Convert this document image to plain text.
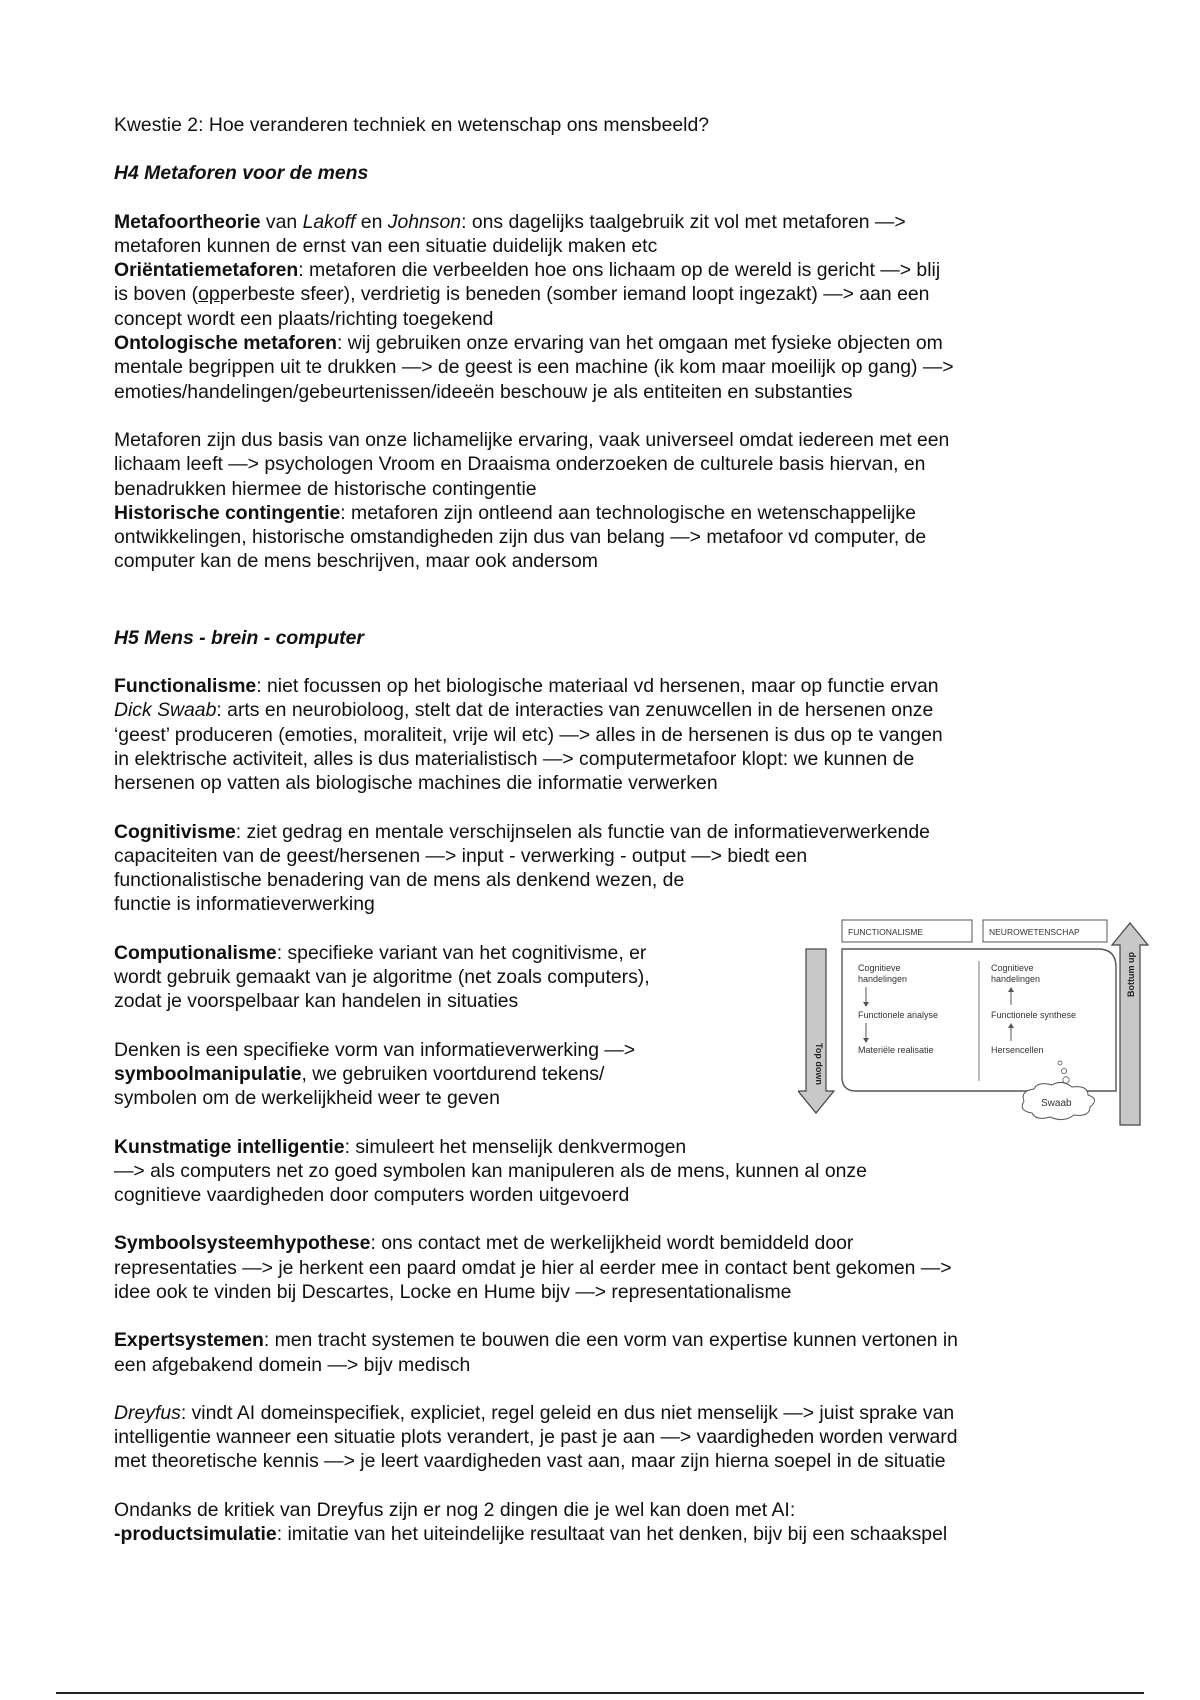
Kwestie 2: Hoe veranderen techniek en wetenschap ons mensbeeld?
H4 Metaforen voor de mens
Metafoortheorie van Lakoff en Johnson: ons dagelijks taalgebruik zit vol met metaforen —>
metaforen kunnen de ernst van een situatie duidelijk maken etc
Oriëntatiemetaforen: metaforen die verbeelden hoe ons lichaam op de wereld is gericht —> blij
is boven (opperbeste sfeer), verdrietig is beneden (somber iemand loopt ingezakt) —> aan een
concept wordt een plaats/richting toegekend
Ontologische metaforen: wij gebruiken onze ervaring van het omgaan met fysieke objecten om
mentale begrippen uit te drukken —> de geest is een machine (ik kom maar moeilijk op gang) —>
emoties/handelingen/gebeurtenissen/ideeën beschouw je als entiteiten en substanties
Metaforen zijn dus basis van onze lichamelijke ervaring, vaak universeel omdat iedereen met een
lichaam leeft —> psychologen Vroom en Draaisma onderzoeken de culturele basis hiervan, en
benadrukken hiermee de historische contingentie
Historische contingentie: metaforen zijn ontleend aan technologische en wetenschappelijke
ontwikkelingen, historische omstandigheden zijn dus van belang —> metafoor vd computer, de
computer kan de mens beschrijven, maar ook andersom
H5 Mens - brein - computer
Functionalisme: niet focussen op het biologische materiaal vd hersenen, maar op functie ervan
Dick Swaab: arts en neurobioloog, stelt dat de interacties van zenuwcellen in de hersenen onze
‘geest’ produceren (emoties, moraliteit, vrije wil etc) —> alles in de hersenen is dus op te vangen
in elektrische activiteit, alles is dus materialistisch —> computermetafoor klopt: we kunnen de
hersenen op vatten als biologische machines die informatie verwerken
Cognitivisme: ziet gedrag en mentale verschijnselen als functie van de informatieverwerkende
capaciteiten van de geest/hersenen —> input - verwerking - output —> biedt een
functionalistische benadering van de mens als denkend wezen, de
functie is informatieverwerking
Computionalisme: specifieke variant van het cognitivisme, er
wordt gebruik gemaakt van je algoritme (net zoals computers),
zodat je voorspelbaar kan handelen in situaties
Denken is een specifieke vorm van informatieverwerking —>
symboolmanipulatie, we gebruiken voortdurend tekens/
symbolen om de werkelijkheid weer te geven
Kunstmatige intelligentie: simuleert het menselijk denkvermogen
—> als computers net zo goed symbolen kan manipuleren als de mens, kunnen al onze
cognitieve vaardigheden door computers worden uitgevoerd
Symboolsysteemhypothese: ons contact met de werkelijkheid wordt bemiddeld door
representaties —> je herkent een paard omdat je hier al eerder mee in contact bent gekomen —>
idee ook te vinden bij Descartes, Locke en Hume bijv —> representationalisme
Expertsystemen: men tracht systemen te bouwen die een vorm van expertise kunnen vertonen in
een afgebakend domein —> bijv medisch
Dreyfus: vindt AI domeinspecifiek, expliciet, regel geleid en dus niet menselijk —> juist sprake van
intelligentie wanneer een situatie plots verandert, je past je aan —> vaardigheden worden verward
met theoretische kennis —> je leert vaardigheden vast aan, maar zijn hierna soepel in de situatie
Ondanks de kritiek van Dreyfus zijn er nog 2 dingen die je wel kan doen met AI:
-productsimulatie: imitatie van het uiteindelijke resultaat van het denken, bijv bij een schaakspel
FUNCTIONALISME	NEUROWETENSCHAP
Cognitieve
handelingen
Functionele analyse
Materiële realisatie
Cognitieve
handelingen
Functionele synthese
Hersencellen
Top down
Bottum up
Swaab
